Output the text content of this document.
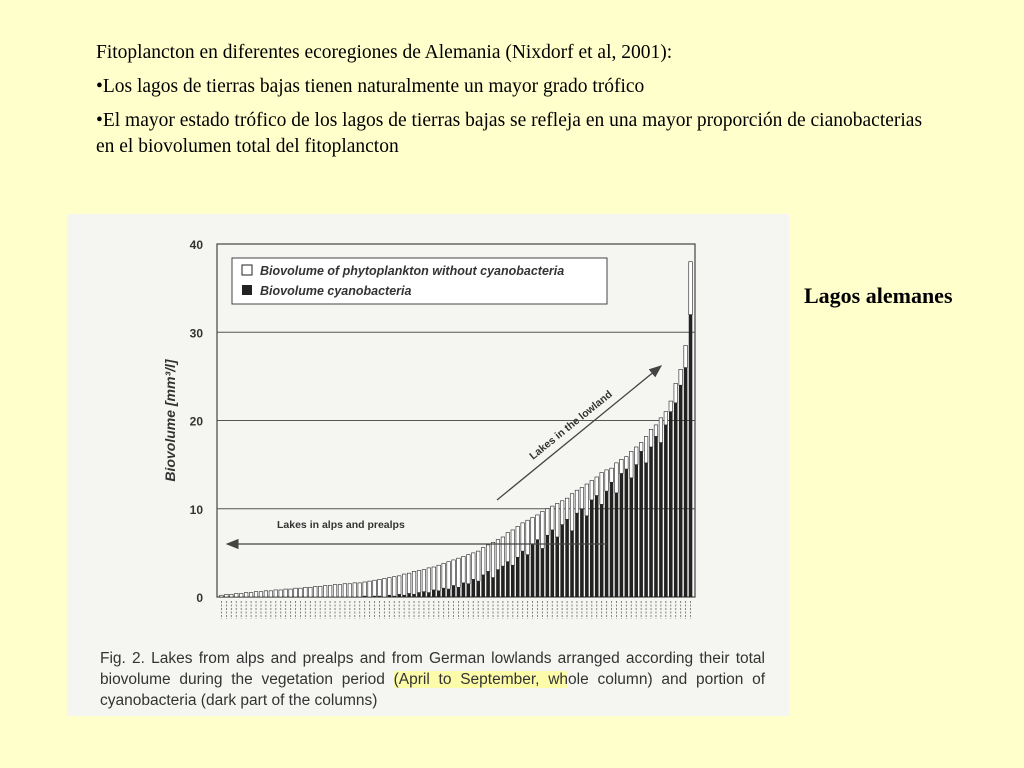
Fitoplancton en diferentes ecoregiones de Alemania (Nixdorf et al, 2001):

•Los lagos de tierras bajas tienen naturalmente un mayor grado trófico

•El mayor estado trófico de los lagos de tierras bajas se refleja en una mayor proporción de cianobacterias en el biovolumen total del fitoplancton

Lagos alemanes
0
10
20
30
40
Biovolume [mm³/l]
Biovolume of phytoplankton without cyanobacteria
Biovolume cyanobacteria
Lakes in alps and prealps
Lakes in the lowland
Fig. 2. Lakes from alps and prealps and from German lowlands arranged according their total biovolume during the vegetation period (April to September, whole column) and portion of cyanobacteria (dark part of the columns)
